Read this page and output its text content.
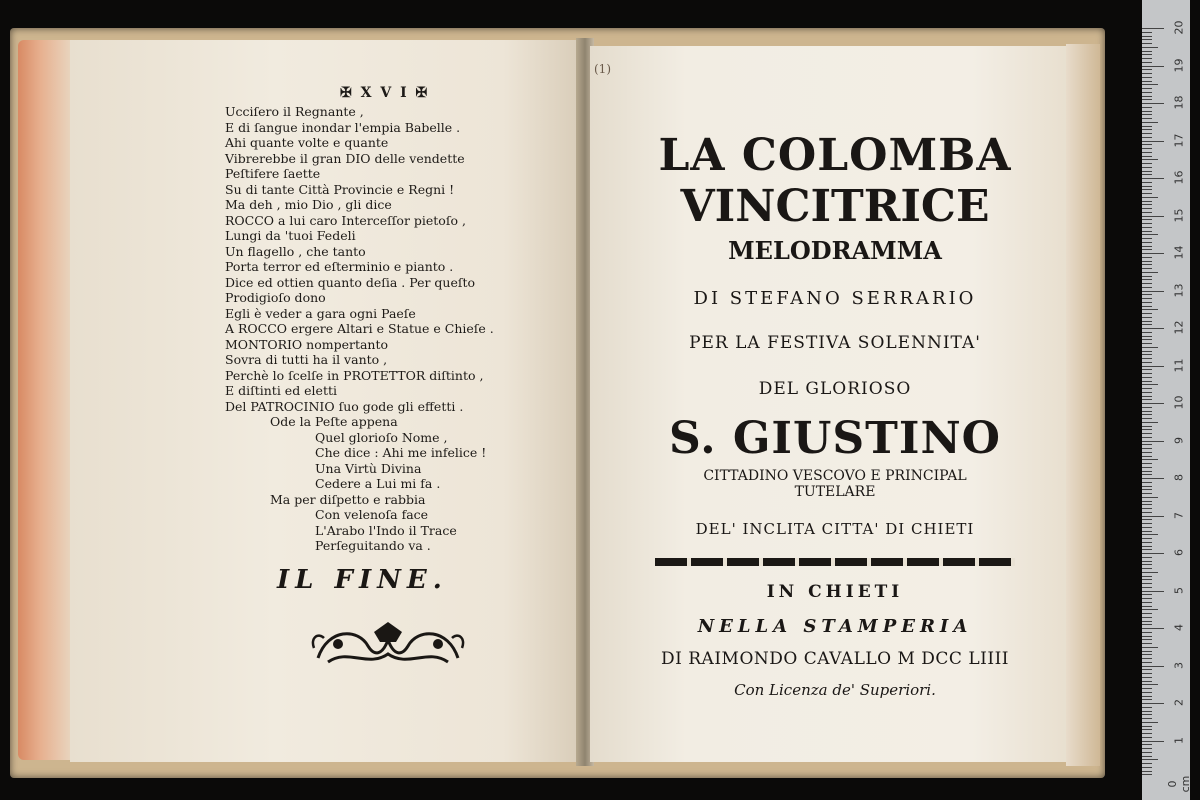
✠ X V I ✠
Ucciſero il Regnante ,
E di ſangue inondar l'empia Babelle .
Ahi quante volte e quante
Vibrerebbe il gran DIO delle vendette
Peſtifere ſaette
Su di tante Città Provincie e Regni !
Ma deh , mio Dio , gli dice
ROCCO a lui caro Interceſſor pietoſo ,
Lungi da 'tuoi Fedeli
Un flagello , che tanto
Porta terror ed eſterminio e pianto .
Dice ed ottien quanto deſia . Per queſto
Prodigioſo dono
Egli è veder a gara ogni Paeſe
A ROCCO ergere Altari e Statue e Chieſe .
MONTORIO nompertanto
Sovra di tutti ha il vanto ,
Perchè lo ſcelſe in PROTETTOR diſtinto ,
E diſtinti ed eletti
Del PATROCINIO ſuo gode gli effetti .
Ode la Peſte appena
Quel glorioſo Nome ,
Che dice : Ahi me infelice !
Una Virtù Divina
Cedere a Lui mi fa .
Ma per diſpetto e rabbia
Con velenoſa face
L'Arabo l'Indo il Trace
Perſeguitando va .
IL FINE.
(1)
LA COLOMBA
VINCITRICE
MELODRAMMA
DI STEFANO SERRARIO
PER LA FESTIVA SOLENNITA'
DEL GLORIOSO
S. GIUSTINO
CITTADINO VESCOVO E PRINCIPAL
TUTELARE
DEL' INCLITA CITTA' DI CHIETI
IN CHIETI
NELLA STAMPERIA
DI RAIMONDO CAVALLO M DCC LIIII
Con Licenza de' Superiori.
20
19
18
17
16
15
14
13
12
11
10
9
8
7
6
5
4
3
2
1
0 cm
